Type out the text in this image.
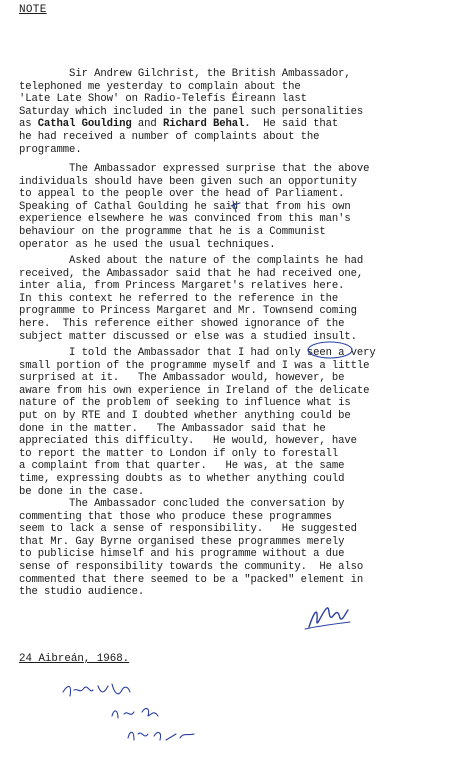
NOTE

Sir Andrew Gilchrist, the British Ambassador,
telephoned me yesterday to complain about the
'Late Late Show' on Radio-Telefís Éireann last
Saturday which included in the panel such personalities
as Cathal Goulding and Richard Behal.  He said that
he had received a number of complaints about the
programme.

The Ambassador expressed surprise that the above
individuals should have been given such an opportunity
to appeal to the people over the head of Parliament.
Speaking of Cathal Goulding he said that from his own
experience elsewhere he was convinced from this man's
behaviour on the programme that he is a Communist
operator as he used the usual techniques.

Asked about the nature of the complaints he had
received, the Ambassador said that he had received one,
inter alia, from Princess Margaret's relatives here.
In this context he referred to the reference in the
programme to Princess Margaret and Mr. Townsend coming
here.  This reference either showed ignorance of the
subject matter discussed or else was a studied insult.

I told the Ambassador that I had only seen a very
small portion of the programme myself and I was a little
surprised at it.   The Ambassador would, however, be
aware from his own experience in Ireland of the delicate
nature of the problem of seeking to influence what is
put on by RTE and I doubted whether anything could be
done in the matter.   The Ambassador said that he
appreciated this difficulty.   He would, however, have
to report the matter to London if only to forestall
a complaint from that quarter.   He was, at the same
time, expressing doubts as to whether anything could
be done in the case.

The Ambassador concluded the conversation by
commenting that those who produce these programmes
seem to lack a sense of responsibility.   He suggested
that Mr. Gay Byrne organised these programmes merely
to publicise himself and his programme without a due
sense of responsibility towards the community.  He also
commented that there seemed to be a "packed" element in
the studio audience.

24 Aibreán, 1968.
